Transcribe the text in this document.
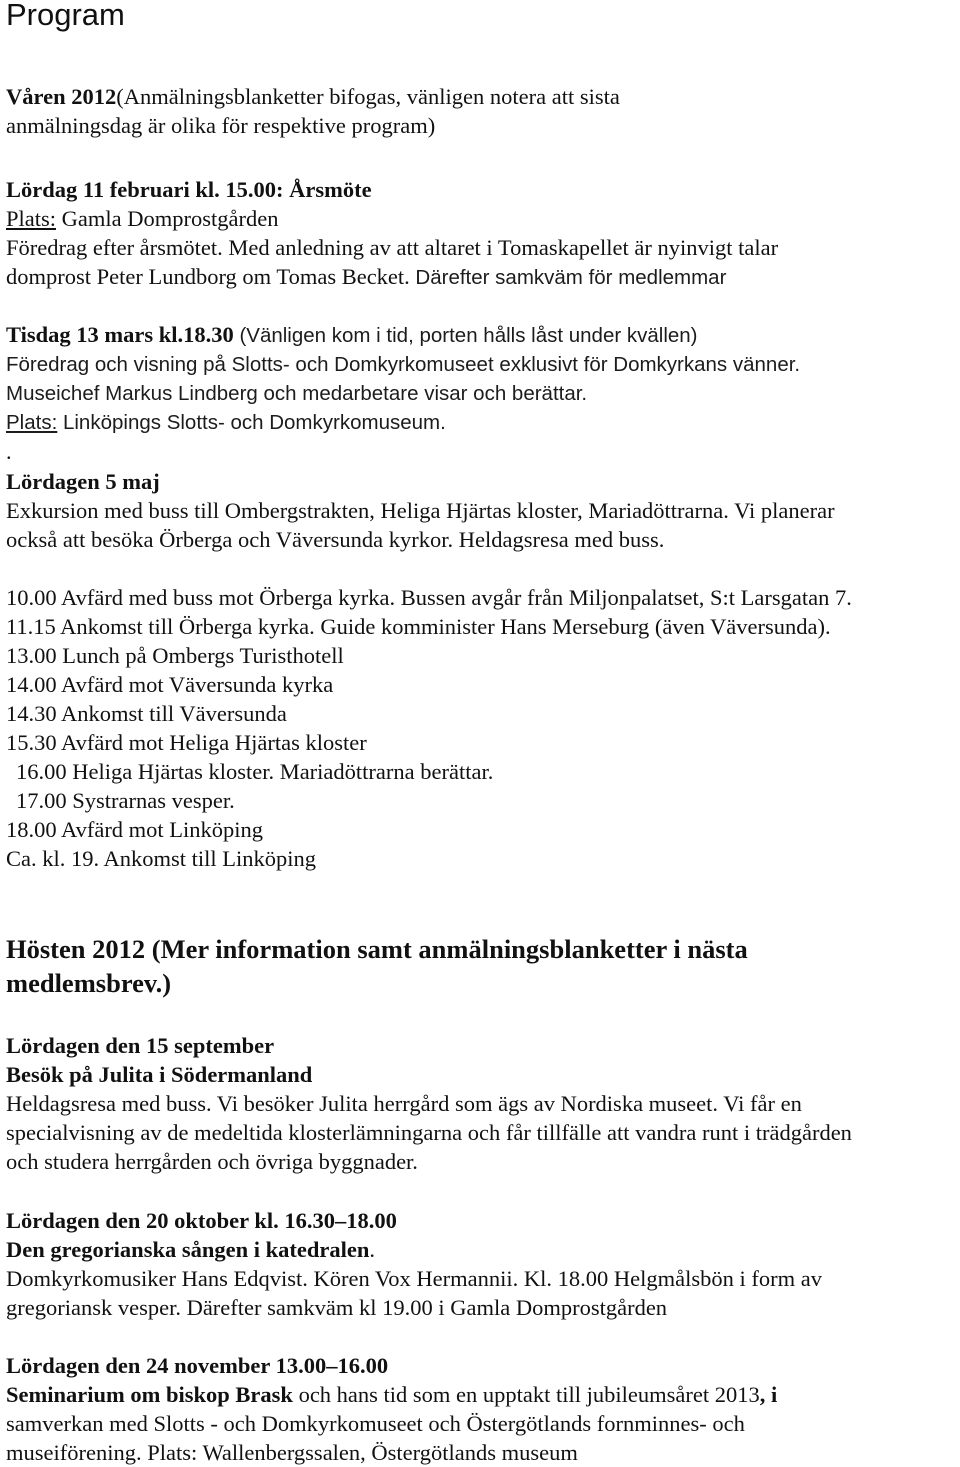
Program
Våren 2012(Anmälningsblanketter bifogas, vänligen notera att sista
anmälningsdag är olika för respektive program)
Lördag 11 februari kl. 15.00: Årsmöte
Plats: Gamla Domprostgården
Föredrag efter årsmötet. Med anledning av att altaret i Tomaskapellet är nyinvigt talar
domprost Peter Lundborg om Tomas Becket. Därefter samkväm för medlemmar
Tisdag 13 mars kl.18.30 (Vänligen kom i tid, porten hålls låst under kvällen)
Föredrag och visning på Slotts- och Domkyrkomuseet exklusivt för Domkyrkans vänner.
Museichef Markus Lindberg och medarbetare visar och berättar.
Plats: Linköpings Slotts- och Domkyrkomuseum.
.
Lördagen 5 maj
Exkursion med buss till Ombergstrakten, Heliga Hjärtas kloster, Mariadöttrarna. Vi planerar
också att besöka Örberga och Väversunda kyrkor. Heldagsresa med buss.
10.00 Avfärd med buss mot Örberga kyrka. Bussen avgår från Miljonpalatset, S:t Larsgatan 7.
11.15 Ankomst till Örberga kyrka. Guide komminister Hans Merseburg (även Väversunda).
13.00 Lunch på Ombergs Turisthotell
14.00 Avfärd mot Väversunda kyrka
14.30 Ankomst till Väversunda
15.30 Avfärd mot Heliga Hjärtas kloster
16.00 Heliga Hjärtas kloster. Mariadöttrarna berättar.
17.00 Systrarnas vesper.
18.00 Avfärd mot Linköping
Ca. kl. 19. Ankomst till Linköping
Hösten 2012 (Mer information samt anmälningsblanketter i nästa
medlemsbrev.)
Lördagen den 15 september
Besök på Julita i Södermanland
Heldagsresa med buss. Vi besöker Julita herrgård som ägs av Nordiska museet. Vi får en
specialvisning av de medeltida klosterlämningarna och får tillfälle att vandra runt i trädgården
och studera herrgården och övriga byggnader.
Lördagen den 20 oktober kl. 16.30–18.00
Den gregorianska sången i katedralen.
Domkyrkomusiker Hans Edqvist. Kören Vox Hermannii. Kl. 18.00 Helgmålsbön i form av
gregoriansk vesper. Därefter samkväm kl 19.00 i Gamla Domprostgården
Lördagen den 24 november 13.00–16.00
Seminarium om biskop Brask och hans tid som en upptakt till jubileumsåret 2013, i
samverkan med Slotts - och Domkyrkomuseet och Östergötlands fornminnes- och
museiförening. Plats: Wallenbergssalen, Östergötlands museum
